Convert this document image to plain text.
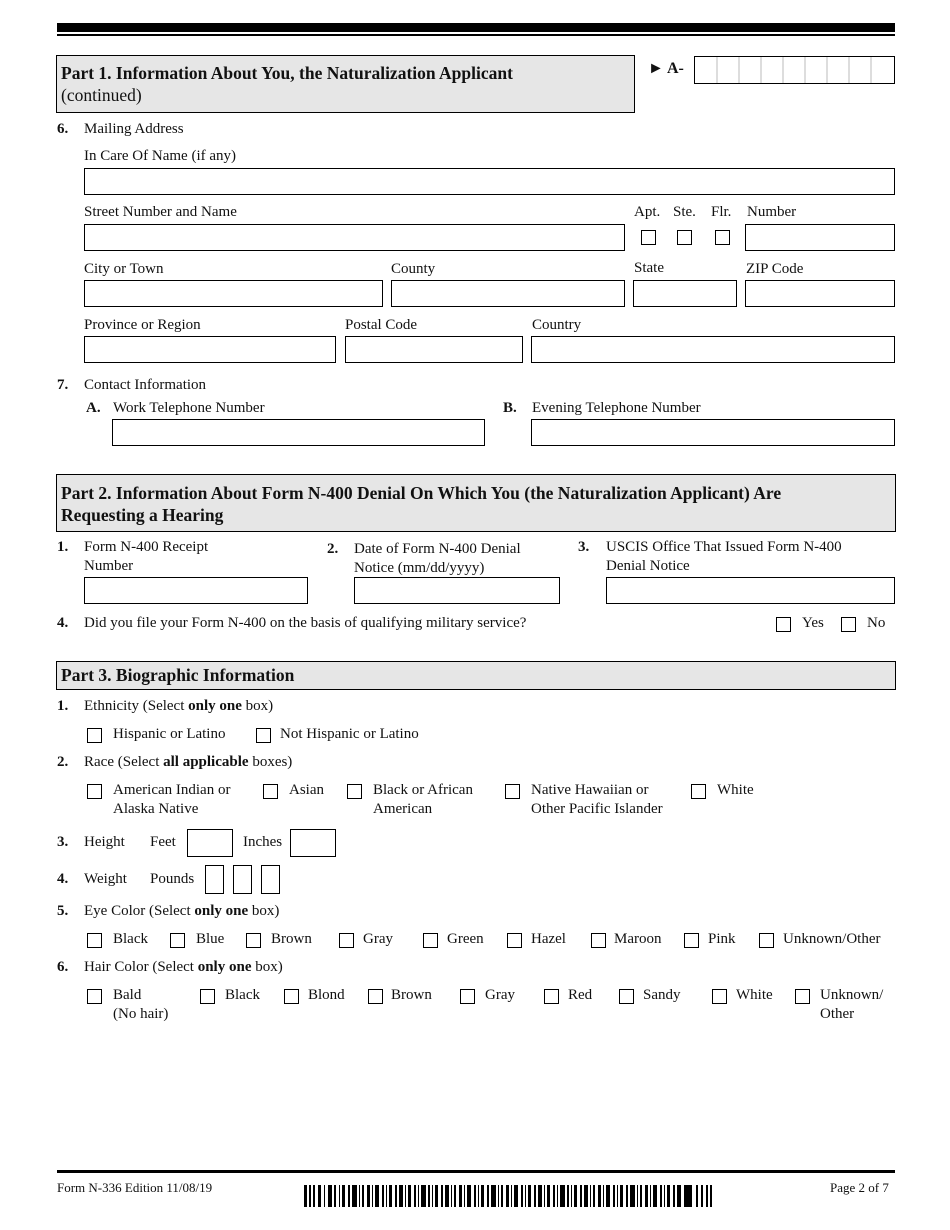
Part 1. Information About You, the Naturalization Applicant
(continued)
► A-
6. Mailing Address
In Care Of Name (if any)
Street Number and Name	Apt. Ste. Flr. Number
City or Town	County	State	ZIP Code
Province or Region	Postal Code	Country
7. Contact Information
A. Work Telephone Number	B. Evening Telephone Number
Part 2. Information About Form N-400 Denial On Which You (the Naturalization Applicant) Are
Requesting a Hearing
1. Form N-400 Receipt
Number
2. Date of Form N-400 Denial
Notice (mm/dd/yyyy)
3. USCIS Office That Issued Form N-400
Denial Notice
4. Did you file your Form N-400 on the basis of qualifying military service?	Yes	No
Part 3. Biographic Information
1. Ethnicity (Select only one box)
Hispanic or Latino	Not Hispanic or Latino
2. Race (Select all applicable boxes)
American Indian or
Alaska Native
Asian	Black or African
American
Native Hawaiian or
Other Pacific Islander
White
3. Height Feet	Inches
4. Weight Pounds
5. Eye Color (Select only one box)
Black	Blue	Brown	Gray	Green	Hazel	Maroon	Pink	Unknown/Other
6. Hair Color (Select only one box)
Bald
(No hair)
Black	Blond	Brown	Gray	Red	Sandy	White	Unknown/
Other
Form N-336 Edition 11/08/19	Page 2 of 7
